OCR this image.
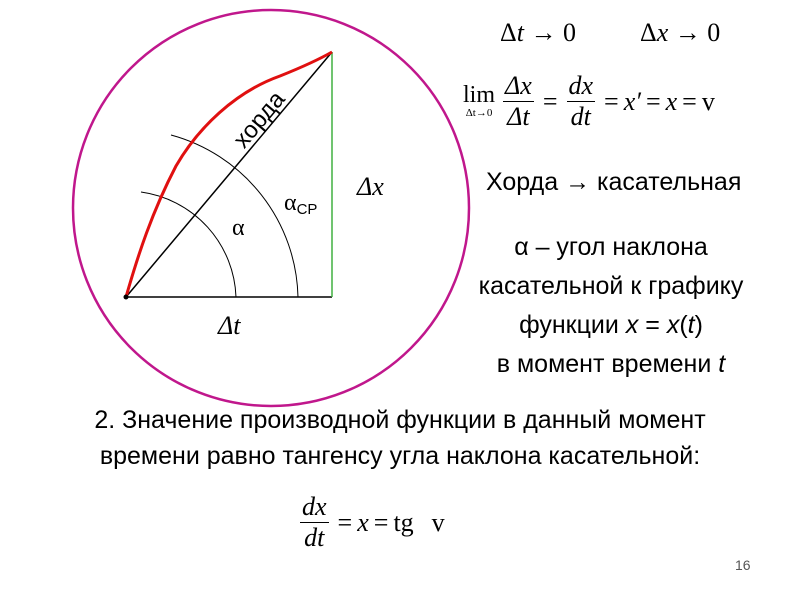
хорда
α
αСР
Δx
Δt
Δt → 0 Δx → 0
lim
$\Delta t\to 0 \frac{\Delta x}{\Delta t} = \frac{dx}{dt} = x' = x = v$
Хорда → касательная
α – угол наклона
касательной к графику
функции x = x(t)
в момент времени t
2. Значение производной функции в данный момент
времени равно тангенсу угла наклона касательной:
$\frac{dx}{dt} = x$ = tg v
16
